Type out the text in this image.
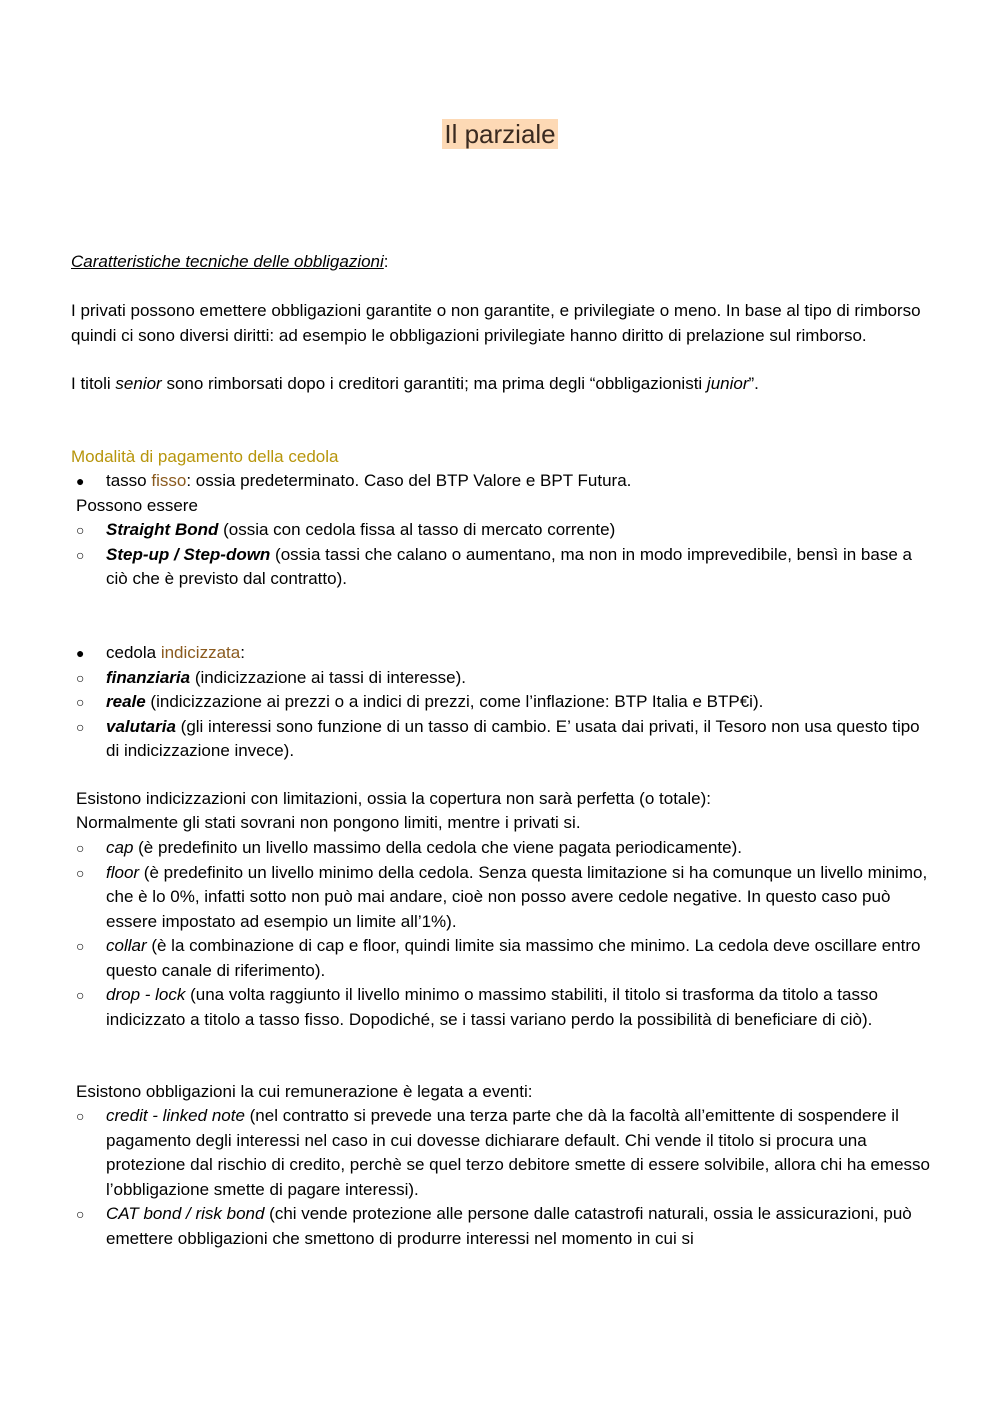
Il parziale
Caratteristiche tecniche delle obbligazioni:
I privati possono emettere obbligazioni garantite o non garantite, e privilegiate o meno. In base al tipo di rimborso quindi ci sono diversi diritti: ad esempio le obbligazioni privilegiate hanno diritto di prelazione sul rimborso.
I titoli senior sono rimborsati dopo i creditori garantiti; ma prima degli “obbligazionisti junior”.
Modalità di pagamento della cedola
●	tasso fisso: ossia predeterminato. Caso del BTP Valore e BPT Futura.
Possono essere
○	Straight Bond (ossia con cedola fissa al tasso di mercato corrente)
○	Step-up / Step-down (ossia tassi che calano o aumentano, ma non in modo imprevedibile, bensì in base a ciò che è previsto dal contratto).
●	cedola indicizzata:
○	finanziaria (indicizzazione ai tassi di interesse).
○	reale (indicizzazione ai prezzi o a indici di prezzi, come l’inflazione: BTP Italia e BTP€i).
○	valutaria (gli interessi sono funzione di un tasso di cambio. E’ usata dai privati, il Tesoro non usa questo tipo di indicizzazione invece).
Esistono indicizzazioni con limitazioni, ossia la copertura non sarà perfetta (o totale):
Normalmente gli stati sovrani non pongono limiti, mentre i privati si.
○	cap (è predefinito un livello massimo della cedola che viene pagata periodicamente).
○	floor (è predefinito un livello minimo della cedola. Senza questa limitazione si ha comunque un livello minimo, che è lo 0%, infatti sotto non può mai andare, cioè non posso avere cedole negative. In questo caso può essere impostato ad esempio un limite all’1%).
○	collar (è la combinazione di cap e floor, quindi limite sia massimo che minimo. La cedola deve oscillare entro questo canale di riferimento).
○	drop - lock (una volta raggiunto il livello minimo o massimo stabiliti, il titolo si trasforma da titolo a tasso indicizzato a titolo a tasso fisso. Dopodiché, se i tassi variano perdo la possibilità di beneficiare di ciò).
Esistono obbligazioni la cui remunerazione è legata a eventi:
○	credit - linked note (nel contratto si prevede una terza parte che dà la facoltà all’emittente di sospendere il pagamento degli interessi nel caso in cui dovesse dichiarare default. Chi vende il titolo si procura una protezione dal rischio di credito, perchè se quel terzo debitore smette di essere solvibile, allora chi ha emesso l’obbligazione smette di pagare interessi).
○	CAT bond / risk bond (chi vende protezione alle persone dalle catastrofi naturali, ossia le assicurazioni, può emettere obbligazioni che smettono di produrre interessi nel momento in cui si
